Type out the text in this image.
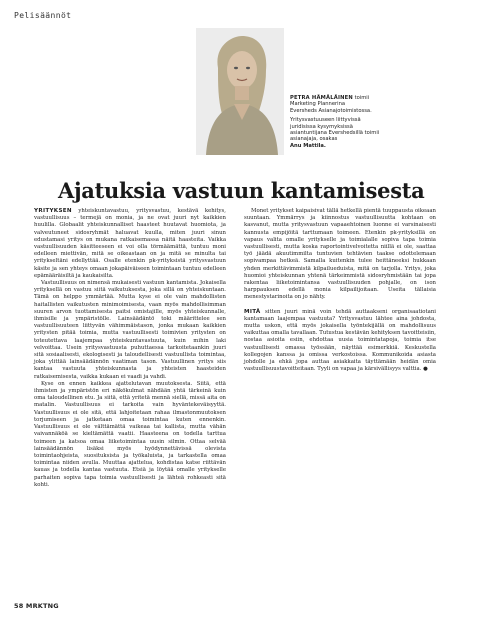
Pelisäännöt

PETRA HÄMÄLÄINEN toimii
Marketing Plannerina
Eversheds Asianajotoimistossa.

Yritysvastuuseen liittyvissä juridisissa kysymyksissä asiantuntijana Evershedsillä toimii asianajaja, osakas
Anu Mattila.

Ajatuksia vastuun kantamisesta

YRITYKSEN yhteiskuntavastuu, yritysvastuu, kestävä kehitys, vastuullisuus – termejä on monia, ja ne ovat juuri nyt kaikkien huulilla. Globaalit yhteiskunnalliset haasteet huutavat huomiota, ja valveutuneet sidosryhmät haluavat kuulla, miten juuri sinun edustamasi yritys on mukana ratkaisemassa näitä haasteita. Vaikka vastuullisuuden käsitteeseen ei voi olla törmäämättä, tuntuu moni edelleen miettivän, mitä se oikeastaan on ja mitä se minulta tai yritykseltäni edellyttää. Osalle etenkin pk-yrityksistä yritysvastuun käsite ja sen yhteys omaan jokapäiväiseen toimintaan tuntuu edelleen epämääräisiltä ja kaukaisilta.

Vastuullisuus on nimensä mukaisesti vastuun kantamista. Jokaisella yrityksellä on vastuu siitä vaikutuksesta, joka sillä on yhteiskuntaan. Tämä on helppo ymmärtää. Mutta kyse ei ole vain mahdollisten haitallisten vaikutusten minimoimisesta, vaan myös mahdollisimman suuren arvon tuottamisesta paitsi omistajille, myös yhteiskunnalle, ihmisille ja ympäristölle. Lainsäädäntö toki määrittelee sen vastuullisuuteen liittyvän vähimmäistason, jonka mukaan kaikkien yritysten pitää toimia, mutta vastuullisesti toimivien yritysten on toteutettava laajempaa yhteiskuntavastuuta, kuin mihin laki velvoittaa. Usein yritysvastuusta puhuttaessa tarkoitetaankin juuri sitä sosiaalisesti, ekologisesti ja taloudellisesti vastuullista toimintaa, joka ylittää lainsäädännön vaatiman tason. Vastuullinen yritys siis kantaa vastuuta yhteiskunnasta ja yhteisten haasteiden ratkaisemisesta, vaikka kukaan ei vaadi ja vahdi.

Kyse on ennen kaikkea ajattelutavan muutoksesta. Siitä, että ihmisten ja ympäristön eri näkökulmat nähdään yhtä tärkeinä kuin oma taloudellinen etu. Ja siitä, että yritetä mennä siellä, missä aita on matalin. Vastuullisuus ei tarkoita vain hyväntekeväisyyttä. Vastuullisuus ei ole sitä, että lahjoitetaan rahaa ilmastonmuutoksen torjumiseen ja jatketaan omaa toimintaa kuten ennenkin. Vastuullisuus ei ole välttämättä vaikeaa tai kallista, mutta vähän vaivannäköä se kieltämättä vaatii. Haasteena on todella tarttua toimeen ja katsoa omaa liiketoimintaa uusin silmin. Ottaa selvää lainsäädännön lisäksi myös hyödynnettävissä olevista toimintaohjeista, suosituksista ja työkaluista, ja tarkastella omaa toimintaa niiden avulla. Muuttaa ajattelua, kohdistaa katse riittävän kauas ja todella kantaa vastuuta. Etsiä ja löytää omalle yritykselle parhaiten sopiva tapa toimia vastuullisesti ja lähteä rohkeasti sitä kohti.

Monet yritykset kaipaisivat tällä hetkellä pientä tuuppausta oikeaan suuntaan. Ymmärrys ja kiinnostus vastuullisuutta kohtaan on kasvanut, mutta yritysvastuun vapaaehtoinen luonne ei varsinaisesti kannusta empijöitä tarttumaan toimeen. Etenkin pk-yrityksillä on vapaus valita omalle yritykselle ja toimialalle sopiva tapa toimia vastuullisesti, mutta koska raportointivelvoitetta niillä ei ole, saattaa työ jäädä akuutimmilta tuntuvien tehtävien taakse odottelemaan sopivampaa hetkeä. Samalla kuitenkin tulee heittäneeksi hukkaan yhden merkittävimmistä kilpailueduista, mitä on tarjolla. Yritys, joka huomioi yhteiskunnan yhtenä tärkeimmistä sidosryhmistään tai jopa rakentaa liiketoimintansa vastuullisuuden pohjalle, on ison harppauksen edellä monia kilpailijoitaan. Useita tällaisia menestystarinoita on jo nähty.

MITÄ sitten juuri minä voin tehdä auttaakseni organisaatiotani kantamaan laajempaa vastuuta? Yritysvastuu lähtee aina johdosta, mutta uskon, että myös jokaisella työntekijällä on mahdollisuus vaikuttaa omalla tavallaan. Tutustua kestävän kehityksen tavoitteisiin, nostaa asioita esiin, ehdottaa uusia toimintatapoja, toimia itse vastuullisesti omassa työssään, näyttää esimerkkiä. Keskustella kollegojen kanssa ja omissa verkostoissa. Kommunikoida asiasta johdolle ja ehkä jopa auttaa asiakkaita täyttämään heidän omia vastuullisuustavoitteitaan. Tyyli on vapaa ja kärsivällisyys valttia. ●

58 MRKTNG
